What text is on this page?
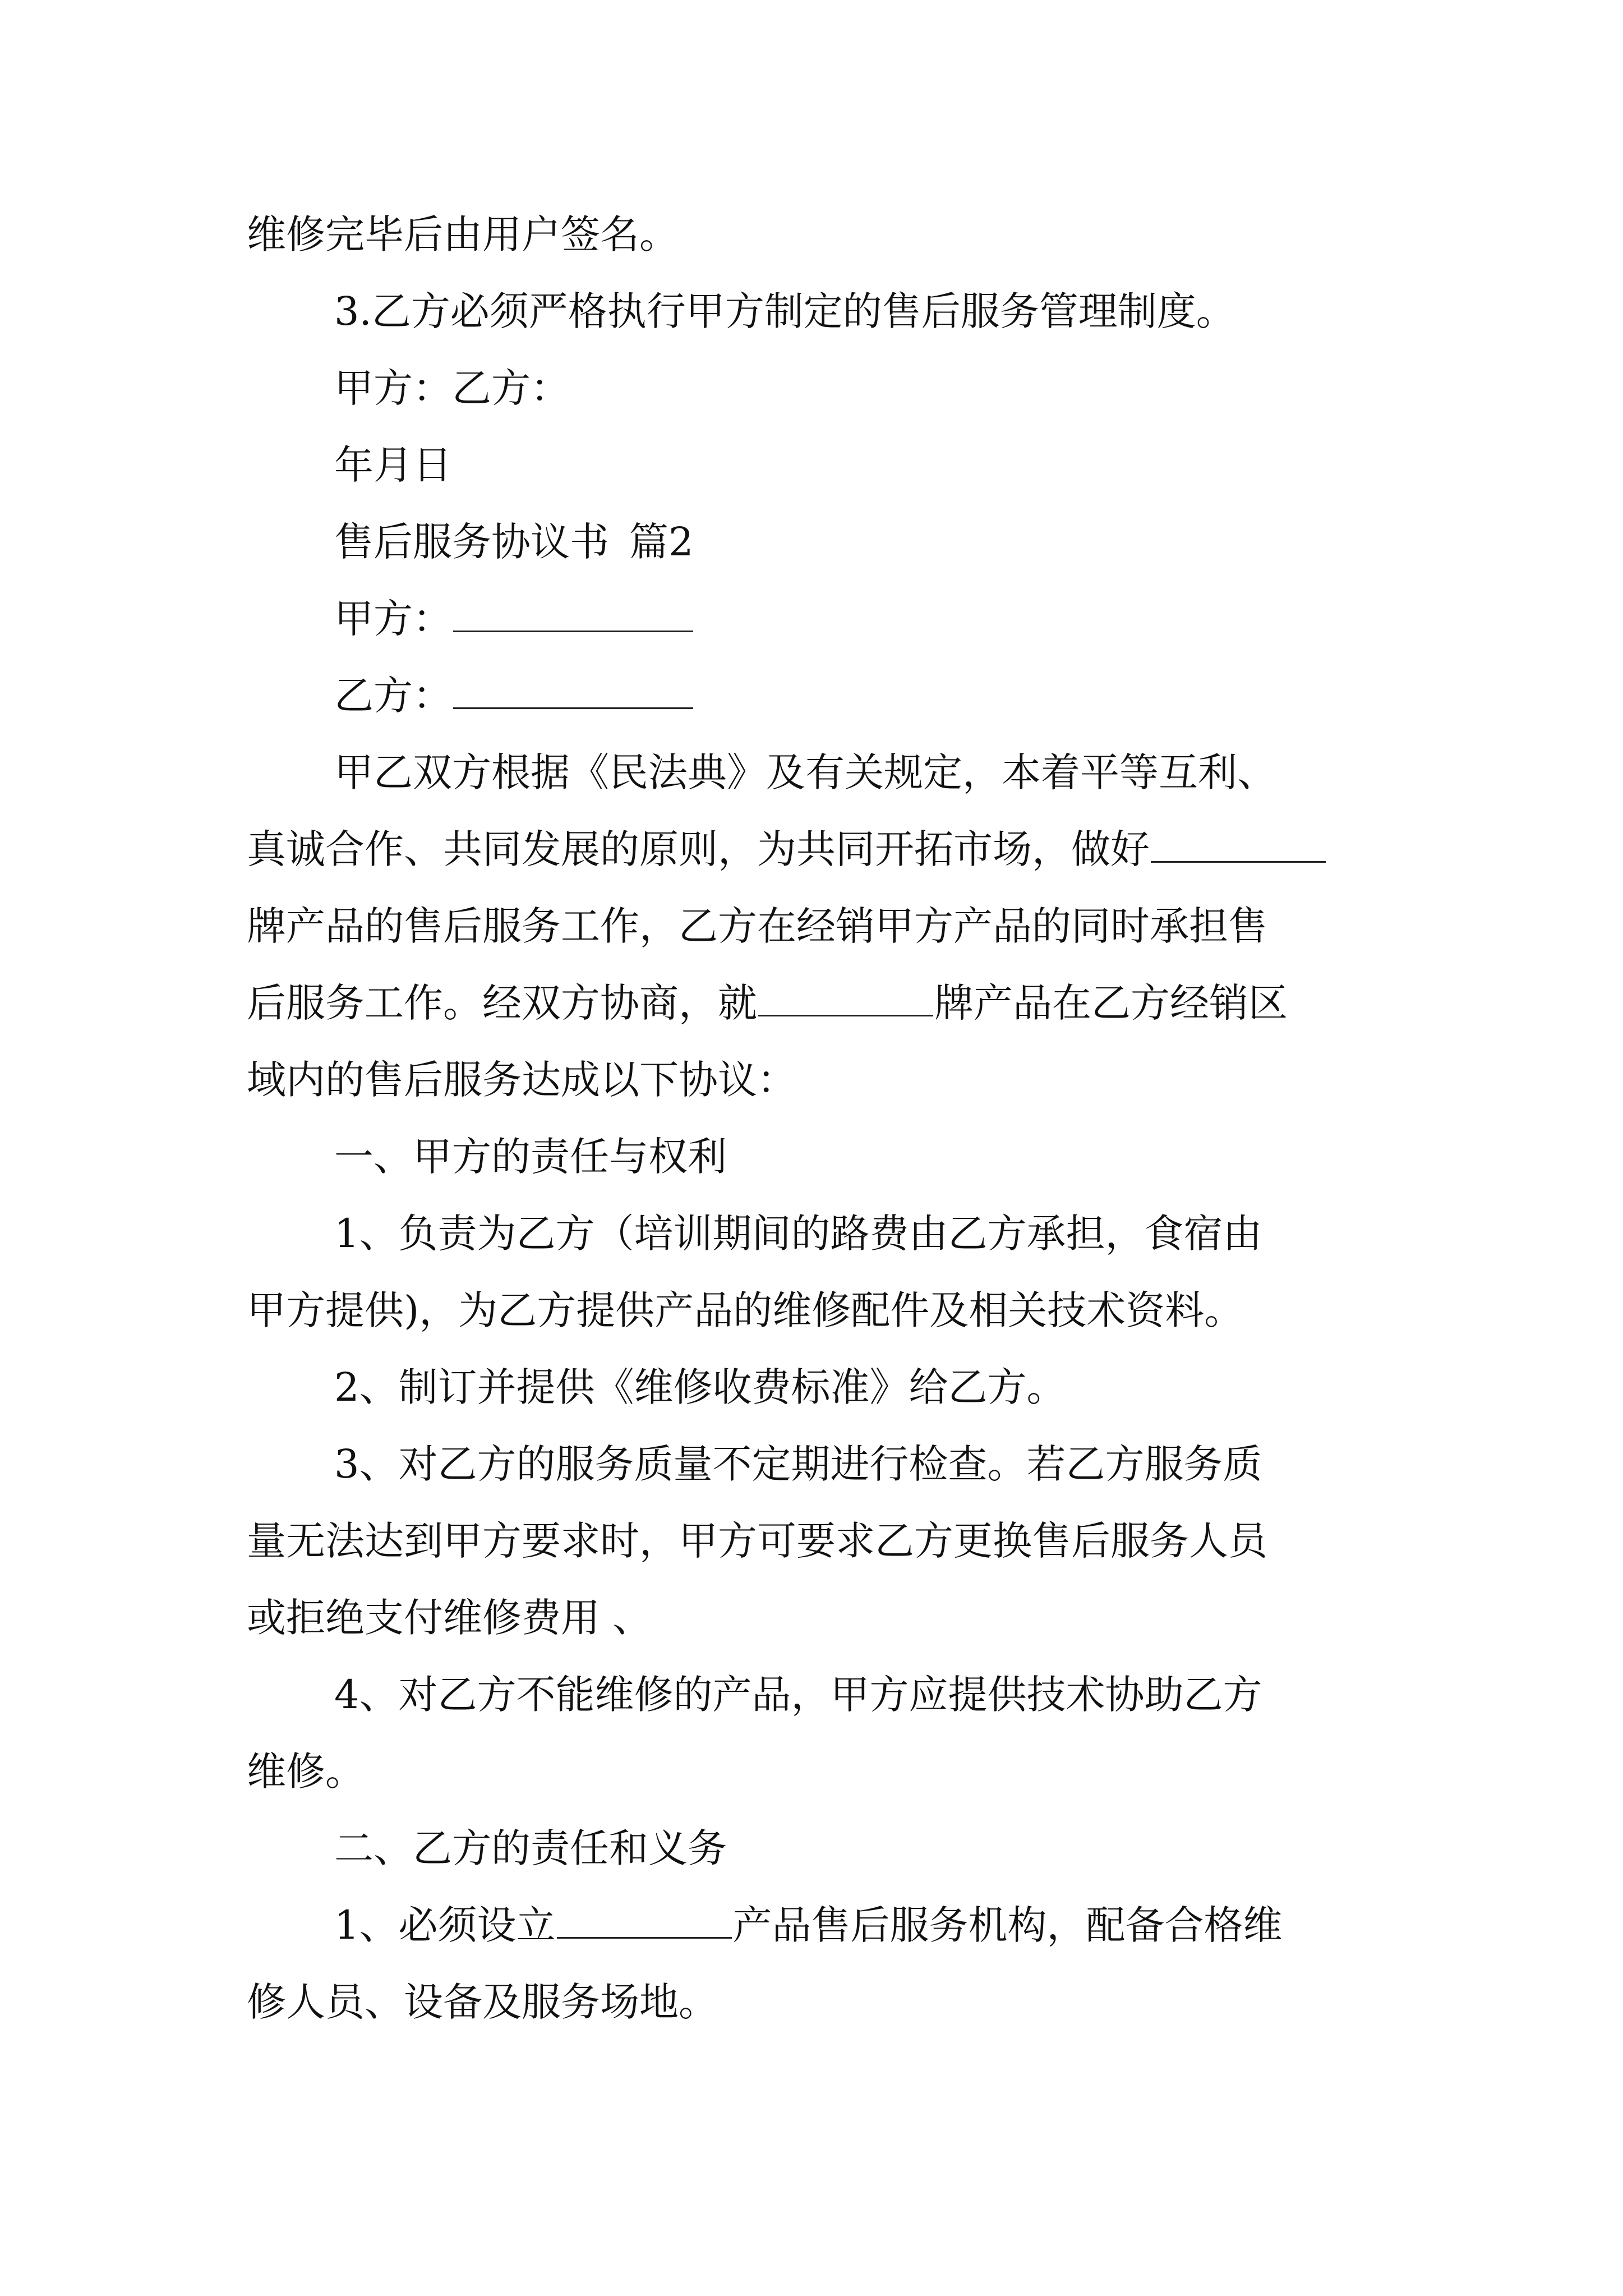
维修完毕后由用户签名。
3.乙方必须严格执行甲方制定的售后服务管理制度。
甲方：乙方：
年月日
售后服务协议书 篇2
甲方：
乙方：
甲乙双方根据《民法典》及有关规定，本着平等互利、
真诚合作、共同发展的原则，为共同开拓市场，做好
牌产品的售后服务工作，乙方在经销甲方产品的同时承担售
后服务工作。经双方协商，就	牌产品在乙方经销区
域内的售后服务达成以下协议：
一、甲方的责任与权利
1、负责为乙方（培训期间的路费由乙方承担，食宿由
甲方提供)，为乙方提供产品的维修配件及相关技术资料。
2、制订并提供《维修收费标准》给乙方。
3、对乙方的服务质量不定期进行检查。若乙方服务质
量无法达到甲方要求时，甲方可要求乙方更换售后服务人员
或拒绝支付维修费用 、
4、对乙方不能维修的产品，甲方应提供技术协助乙方
维修。
二、乙方的责任和义务
1、必须设立	产品售后服务机构，配备合格维
修人员、设备及服务场地。
